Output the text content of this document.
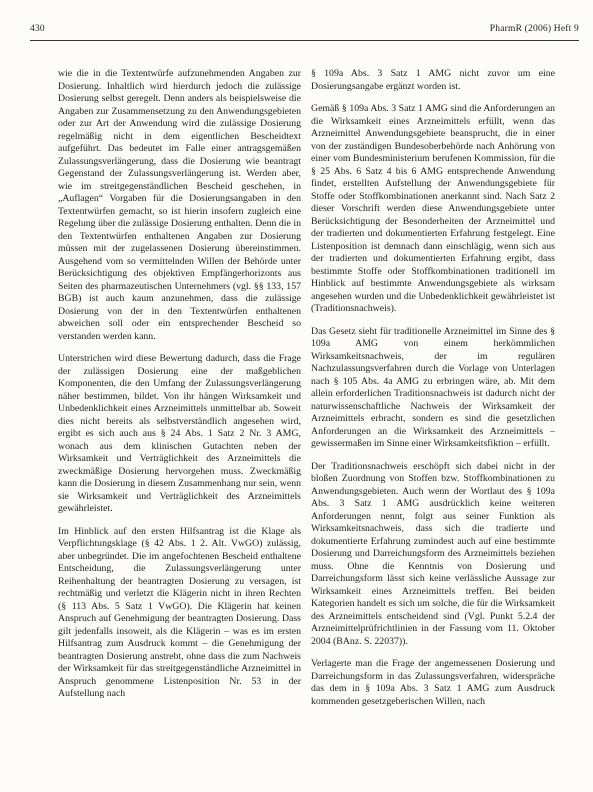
430	PharmR (2006) Heft 9

wie die in die Textentwürfe aufzunehmenden Angaben zur Dosierung. Inhaltlich wird hierdurch jedoch die zulässige Dosierung selbst geregelt. Denn anders als beispielsweise die Angaben zur Zusammensetzung zu den Anwendungsgebieten oder zur Art der Anwendung wird die zulässige Dosierung regelmäßig nicht in dem eigentlichen Bescheidtext aufgeführt. Das bedeutet im Falle einer antragsgemäßen Zulassungsverlängerung, dass die Dosierung wie beantragt Gegenstand der Zulassungsverlängerung ist. Werden aber, wie im streitgegenständlichen Bescheid geschehen, in „Auflagen“ Vorgaben für die Dosierungsangaben in den Textentwürfen gemacht, so ist hierin insofern zugleich eine Regelung über die zulässige Dosierung enthalten. Denn die in den Textentwürfen enthaltenen Angaben zur Dosierung müssen mit der zugelassenen Dosierung übereinstimmen. Ausgehend vom so vermittelnden Willen der Behörde unter Berücksichtigung des objektiven Empfängerhorizonts aus Seiten des pharmazeutischen Unternehmers (vgl. §§ 133, 157 BGB) ist auch kaum anzunehmen, dass die zulässige Dosierung von der in den Textentwürfen enthaltenen abweichen soll oder ein entsprechender Bescheid so verstanden werden kann.

Unterstrichen wird diese Bewertung dadurch, dass die Frage der zulässigen Dosierung eine der maßgeblichen Komponenten, die den Umfang der Zulassungsverlängerung näher bestimmen, bildet. Von ihr hängen Wirksamkeit und Unbedenklichkeit eines Arzneimittels unmittelbar ab. Soweit dies nicht bereits als selbstverständlich angesehen wird, ergibt es sich auch aus § 24 Abs. 1 Satz 2 Nr. 3 AMG, wonach aus dem klinischen Gutachten neben der Wirksamkeit und Verträglichkeit des Arzneimittels die zweckmäßige Dosierung hervorgehen muss. Zweckmäßig kann die Dosierung in diesem Zusammenhang nur sein, wenn sie Wirksamkeit und Verträglichkeit des Arzneimittels gewährleistet.

Im Hinblick auf den ersten Hilfsantrag ist die Klage als Verpflichtungsklage (§ 42 Abs. 1 2. Alt. VwGO) zulässig, aber unbegründet. Die im angefochtenen Bescheid enthaltene Entscheidung, die Zulassungsverlängerung unter Reihenhaltung der beantragten Dosierung zu versagen, ist rechtmäßig und verletzt die Klägerin nicht in ihren Rechten (§ 113 Abs. 5 Satz 1 VwGO). Die Klägerin hat keinen Anspruch auf Genehmigung der beantragten Dosierung. Dass gilt jedenfalls insoweit, als die Klägerin – was es im ersten Hilfsantrag zum Ausdruck kommt – die Genehmigung der beantragten Dosierung anstrebt, ohne dass die zum Nachweis der Wirksamkeit für das streitgegenständliche Arzneimittel in Anspruch genommene Listenposition Nr. 53 in der Aufstellung nach

§ 109a Abs. 3 Satz 1 AMG nicht zuvor um eine Dosierungsangabe ergänzt worden ist.

Gemäß § 109a Abs. 3 Satz 1 AMG sind die Anforderungen an die Wirksamkeit eines Arzneimittels erfüllt, wenn das Arzneimittel Anwendungsgebiete beansprucht, die in einer von der zuständigen Bundesoberbehörde nach Anhörung von einer vom Bundesministerium berufenen Kommission, für die § 25 Abs. 6 Satz 4 bis 6 AMG entsprechende Anwendung findet, erstellten Aufstellung der Anwendungsgebiete für Stoffe oder Stoffkombinationen anerkannt sind. Nach Satz 2 dieser Vorschrift werden diese Anwendungsgebiete unter Berücksichtigung der Besonderheiten der Arzneimittel und der tradierten und dokumentierten Erfahrung festgelegt. Eine Listenposition ist demnach dann einschlägig, wenn sich aus der tradierten und dokumentierten Erfahrung ergibt, dass bestimmte Stoffe oder Stoffkombinationen traditionell im Hinblick auf bestimmte Anwendungsgebiete als wirksam angesehen wurden und die Unbedenklichkeit gewährleistet ist (Traditionsnachweis).

Das Gesetz sieht für traditionelle Arzneimittel im Sinne des § 109a AMG von einem herkömmlichen Wirksamkeitsnachweis, der im regulären Nachzulassungsverfahren durch die Vorlage von Unterlagen nach § 105 Abs. 4a AMG zu erbringen wäre, ab. Mit dem allein erforderlichen Traditionsnachweis ist dadurch nicht der naturwissenschaftliche Nachweis der Wirksamkeit der Arzneimittels erbracht, sondern es sind die gesetzlichen Anforderungen an die Wirksamkeit des Arzneimittels – gewissermaßen im Sinne einer Wirksamkeitsfiktion – erfüllt.

Der Traditionsnachweis erschöpft sich dabei nicht in der bloßen Zuordnung von Stoffen bzw. Stoffkombinationen zu Anwendungsgebieten. Auch wenn der Wortlaut des § 109a Abs. 3 Satz 1 AMG ausdrücklich keine weiteren Anforderungen nennt, folgt aus seiner Funktion als Wirksamkeitsnachweis, dass sich die tradierte und dokumentierte Erfahrung zumindest auch auf eine bestimmte Dosierung und Darreichungsform des Arzneimittels beziehen muss. Ohne die Kenntnis von Dosierung und Darreichungsform lässt sich keine verlässliche Aussage zur Wirksamkeit eines Arzneimittels treffen. Bei beiden Kategorien handelt es sich um solche, die für die Wirksamkeit des Arzneimittels entscheidend sind (Vgl. Punkt 5.2.4 der Arzneimittelprüfrichtlinien in der Fassung vom 11. Oktober 2004 (BAnz. S. 22037)).

Verlagerte man die Frage der angemessenen Dosierung und Darreichungsform in das Zulassungsverfahren, widerspräche das dem in § 109a Abs. 3 Satz 1 AMG zum Ausdruck kommenden gesetzgeberischen Willen, nach
